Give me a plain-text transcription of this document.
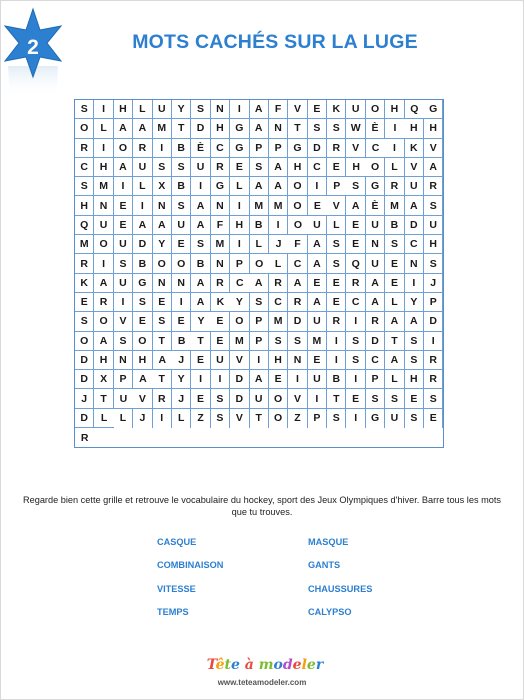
2	MOTS CACHÉS SUR LA LUGE
S	I	H	L	U	Y	S	N	I	A	F	V	E	K	U	O	H	Q	G
O	L	A	A	M	T	D	H	G	A	N	T	S	S	W	È	I	H	H
R	I	O	R	I	B	È	C	G	P	P	G	D	R	V	C	I	K	V
C	H	A	U	S	S	U	R	E	S	A	H	C	E	H	O	L	V	A
S	M	I	L	X	B	I	G	L	A	A	O	I	P	S	G	R	U	R
H	N	E	I	N	S	A	N	I	M	M	O	E	V	A	È	M	A	S
Q	U	E	A	A	U	A	F	H	B	I	O	U	L	E	U	B	D	U
M	O	U	D	Y	E	S	M	I	L	J	F	A	S	E	N	S	C	H
R	I	S	B	O	O	B	N	P	O	L	C	A	S	Q	U	E	N	S
K	A	U	G	N	N	A	R	C	A	R	A	E	E	R	A	E	I	J
E	R	I	S	E	I	A	K	Y	S	C	R	A	E	C	A	L	Y	P
S	O	V	E	S	E	Y	E	O	P	M	D	U	R	I	R	A	A	D
O	A	S	O	T	B	T	E	M	P	S	S	M	I	S	D	T	S	I
D	H	N	H	A	J	E	U	V	I	H	N	E	I	S	C	A	S	R
D	X	P	A	T	Y	I	I	D	A	E	I	U	B	I	P	L	H	R
J	T	U	V	R	J	E	S	D	U	O	V	I	T	E	S	S	E	S
D	L	L	J	I	L	Z	S	V	T	O	Z	P	S	I	G	U	S	E
R
Regarde bien cette grille et retrouve le vocabulaire du hockey, sport des Jeux Olympiques d'hiver. Barre tous les mots que tu trouves.
CASQUE	MASQUE
COMBINAISON	GANTS
VITESSE	CHAUSSURES
TEMPS	CALYPSO
Tête à modeler
www.teteamodeler.com
